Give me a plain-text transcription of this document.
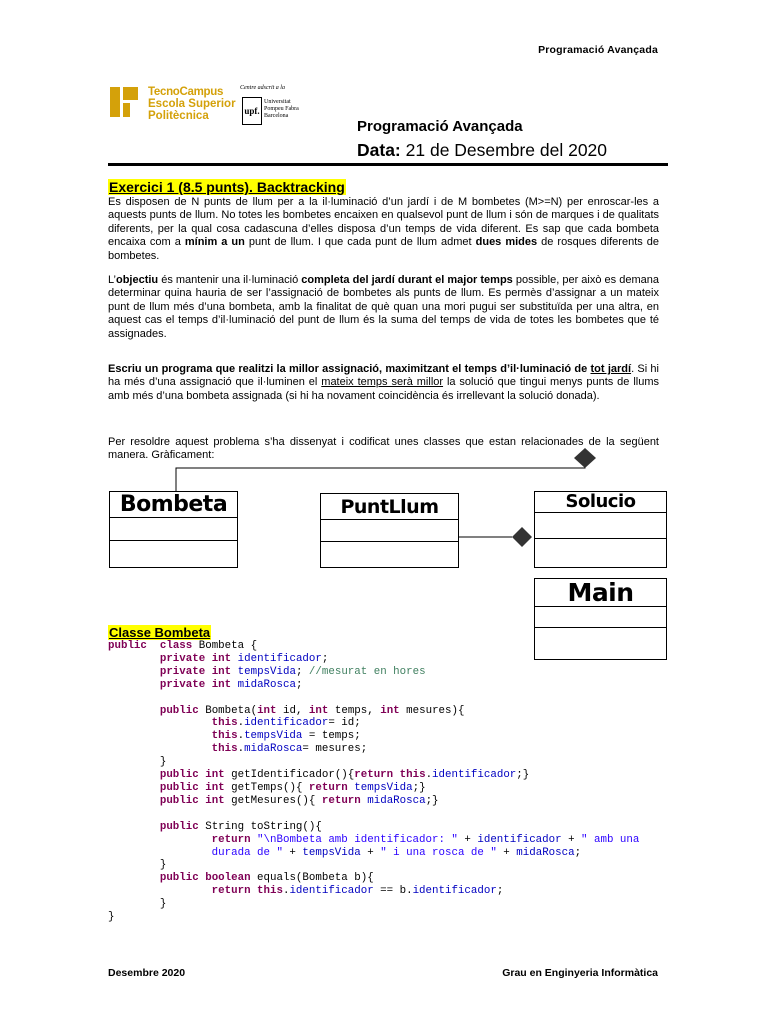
Programació Avançada
TecnoCampus
Escola Superior
Politècnica
Centre adscrit a la
upf.
Universitat
Pompeu Fabra
Barcelona
Programació Avançada
Data: 21 de Desembre del 2020
Exercici 1 (8.5 punts). Backtracking
Es disposen de N punts de llum per a la il·luminació d’un jardí i de M bombetes (M>=N) per enroscar-les a aquests punts de llum. No totes les bombetes encaixen en qualsevol punt de llum i són de marques i de qualitats diferents, per la qual cosa cadascuna d’elles disposa d’un temps de vida diferent. Es sap que cada bombeta encaixa com a mínim a un punt de llum. I que cada punt de llum admet dues mides de rosques diferents de bombetes.
L’objectiu és mantenir una il·luminació completa del jardí durant el major temps possible, per això es demana determinar quina hauria de ser l’assignació de bombetes als punts de llum. Es permès d’assignar a un mateix punt de llum més d’una bombeta, amb la finalitat de què quan una mori pugui ser substituïda per una altra, en aquest cas el temps d’il·luminació del punt de llum és la suma del temps de vida de totes les bombetes que té assignades.
Escriu un programa que realitzi la millor assignació, maximitzant el temps d’il·luminació de tot jardí. Si hi ha més d’una assignació que il·luminen el mateix temps serà millor la solució que tingui menys punts de llums amb més d’una bombeta assignada (si hi ha novament coincidència és irrellevant la solució donada).
Per resoldre aquest problema s’ha dissenyat i codificat unes classes que estan relacionades de la següent manera. Gràficament:
Bombeta	PuntLlum	Solucio
Main
Classe Bombeta
public class Bombeta {
private int identificador;
private int tempsVida; //mesurat en hores
private int midaRosca;

public Bombeta(int id, int temps, int mesures){
this.identificador= id;
this.tempsVida = temps;
this.midaRosca= mesures;
}
public int getIdentificador(){return this.identificador;}
public int getTemps(){ return tempsVida;}
public int getMesures(){ return midaRosca;}

public String toString(){
return "\nBombeta amb identificador: " + identificador + " amb una
durada de " + tempsVida + " i una rosca de " + midaRosca;
}
public boolean equals(Bombeta b){
return this.identificador == b.identificador;
}
}
Desembre 2020	Grau en Enginyeria Informàtica
